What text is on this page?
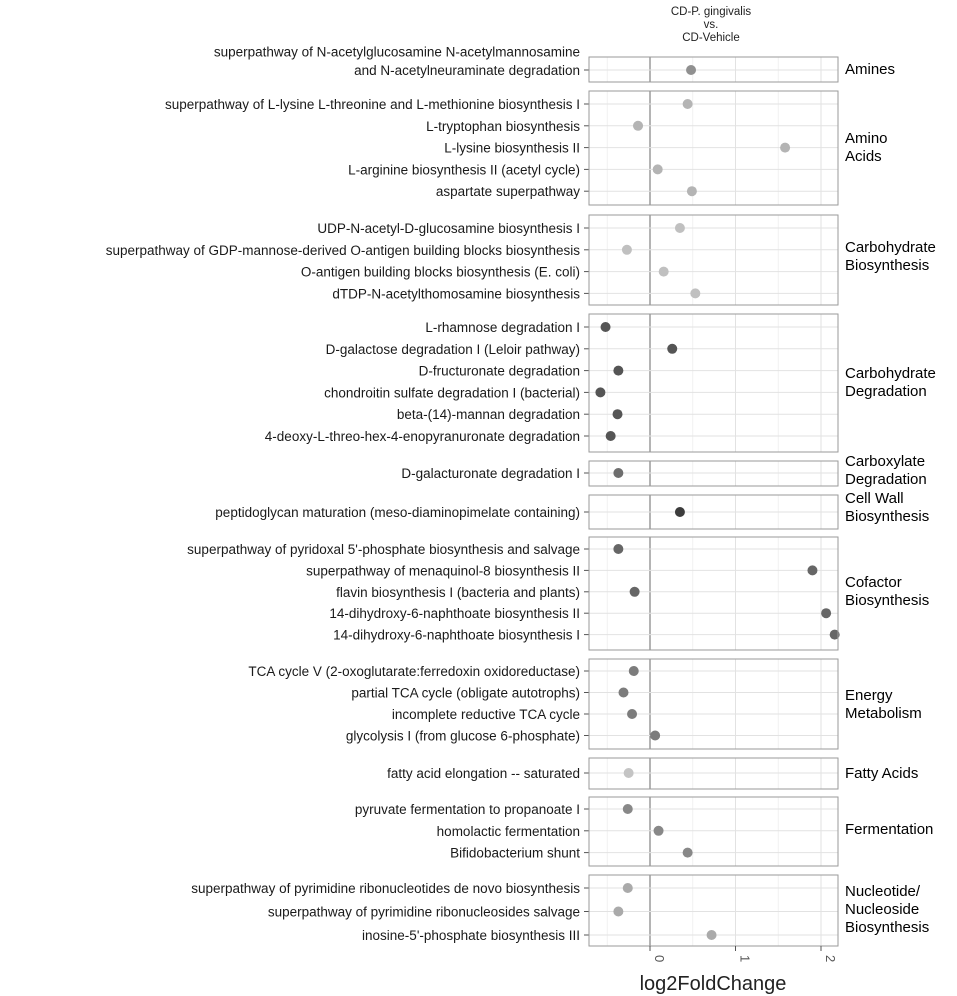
CD-P. gingivalis
vs.
CD-Vehicle
superpathway of N-acetylglucosamine N-acetylmannosamine
and N-acetylneuraminate degradation	Amines
superpathway of L-lysine L-threonine and L-methionine biosynthesis I
L-tryptophan biosynthesis
L-lysine biosynthesis II
L-arginine biosynthesis II (acetyl cycle)
aspartate superpathway
Amino
Acids
UDP-N-acetyl-D-glucosamine biosynthesis I
superpathway of GDP-mannose-derived O-antigen building blocks biosynthesis
O-antigen building blocks biosynthesis (E. coli)
dTDP-N-acetylthomosamine biosynthesis
Carbohydrate
Biosynthesis
L-rhamnose degradation I
D-galactose degradation I (Leloir pathway)
D-fructuronate degradation
chondroitin sulfate degradation I (bacterial)
beta-(14)-mannan degradation
4-deoxy-L-threo-hex-4-enopyranuronate degradation
Carbohydrate
Degradation
D-galacturonate degradation I
Carboxylate
Degradation
peptidoglycan maturation (meso-diaminopimelate containing)
Cell Wall
Biosynthesis
superpathway of pyridoxal 5'-phosphate biosynthesis and salvage
superpathway of menaquinol-8 biosynthesis II
flavin biosynthesis I (bacteria and plants)
14-dihydroxy-6-naphthoate biosynthesis II
14-dihydroxy-6-naphthoate biosynthesis I
Cofactor
Biosynthesis
TCA cycle V (2-oxoglutarate:ferredoxin oxidoreductase)
partial TCA cycle (obligate autotrophs)
incomplete reductive TCA cycle
glycolysis I (from glucose 6-phosphate)
Energy
Metabolism
fatty acid elongation -- saturated	Fatty Acids
pyruvate fermentation to propanoate I
homolactic fermentation
Bifidobacterium shunt
Fermentation
superpathway of pyrimidine ribonucleotides de novo biosynthesis
superpathway of pyrimidine ribonucleosides salvage
inosine-5'-phosphate biosynthesis III
Nucleotide/
Nucleoside
Biosynthesis
0	1	2
log2FoldChange
